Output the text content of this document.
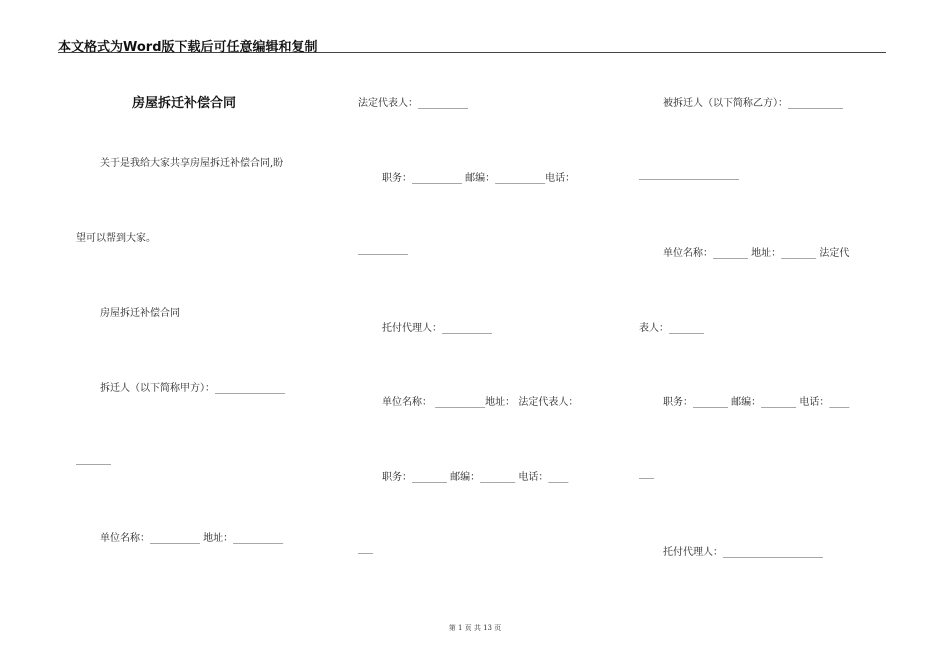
本文格式为Word版下载后可任意编辑和复制
房屋拆迁补偿合同
关于是我给大家共享房屋拆迁补偿合同,盼
望可以帮到大家。
房屋拆迁补偿合同
拆迁人（以下简称甲方）：______________
_______
单位名称：__________ 地址：__________
法定代表人：__________
职务：__________ 邮编：__________电话：
__________
托付代理人：__________
单位名称： __________地址： 法定代表人：
职务：_______ 邮编：_______ 电话：____
___
被拆迁人（以下简称乙方）：___________
____________________
单位名称：_______ 地址：_______ 法定代
表人：_______
职务：_______ 邮编：_______ 电话：____
___
托付代理人：____________________
第 1 页 共 13 页
